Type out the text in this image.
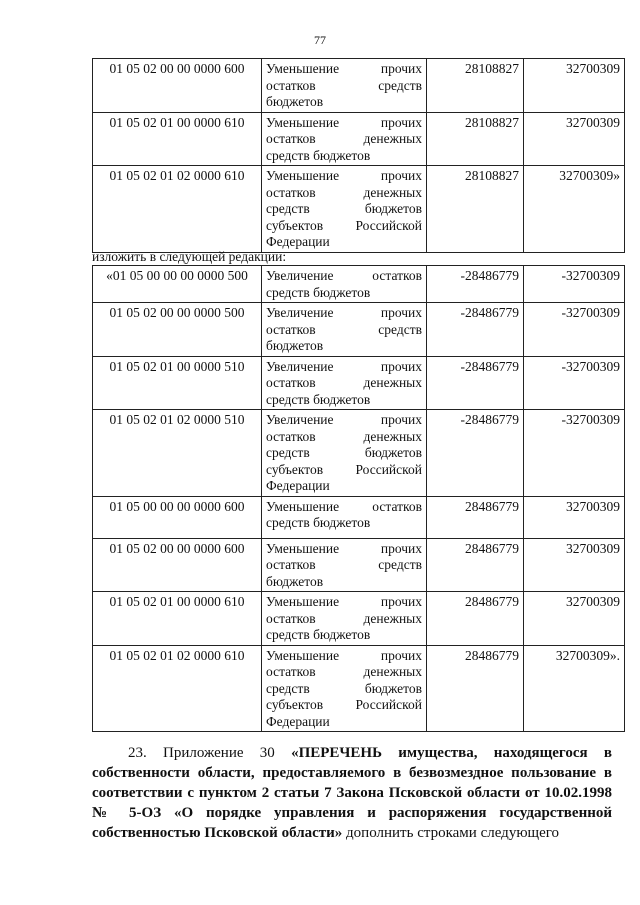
77
01 05 02 00 00 0000 600	Уменьшение прочих остатков средств бюджетов	28108827	32700309
01 05 02 01 00 0000 610	Уменьшение прочих остатков денежных средств бюджетов	28108827	32700309
01 05 02 01 02 0000 610	Уменьшение прочих остатков денежных средств бюджетов субъектов Российской Федерации	28108827	32700309»
изложить в следующей редакции:
«01 05 00 00 00 0000 500	Увеличение остатков средств бюджетов	-28486779	-32700309
01 05 02 00 00 0000 500	Увеличение прочих остатков средств бюджетов	-28486779	-32700309
01 05 02 01 00 0000 510	Увеличение прочих остатков денежных средств бюджетов	-28486779	-32700309
01 05 02 01 02 0000 510	Увеличение прочих остатков денежных средств бюджетов субъектов Российской Федерации	-28486779	-32700309
01 05 00 00 00 0000 600	Уменьшение остатков средств бюджетов	28486779	32700309
01 05 02 00 00 0000 600	Уменьшение прочих остатков средств бюджетов	28486779	32700309
01 05 02 01 00 0000 610	Уменьшение прочих остатков денежных средств бюджетов	28486779	32700309
01 05 02 01 02 0000 610	Уменьшение прочих остатков денежных средств бюджетов субъектов Российской Федерации	28486779	32700309».
23. Приложение 30 «ПЕРЕЧЕНЬ имущества, находящегося в собственности области, предоставляемого в безвозмездное пользование в соответствии с пунктом 2 статьи 7 Закона Псковской области от 10.02.1998 № 5-ОЗ «О порядке управления и распоряжения государственной собственностью Псковской области» дополнить строками следующего
